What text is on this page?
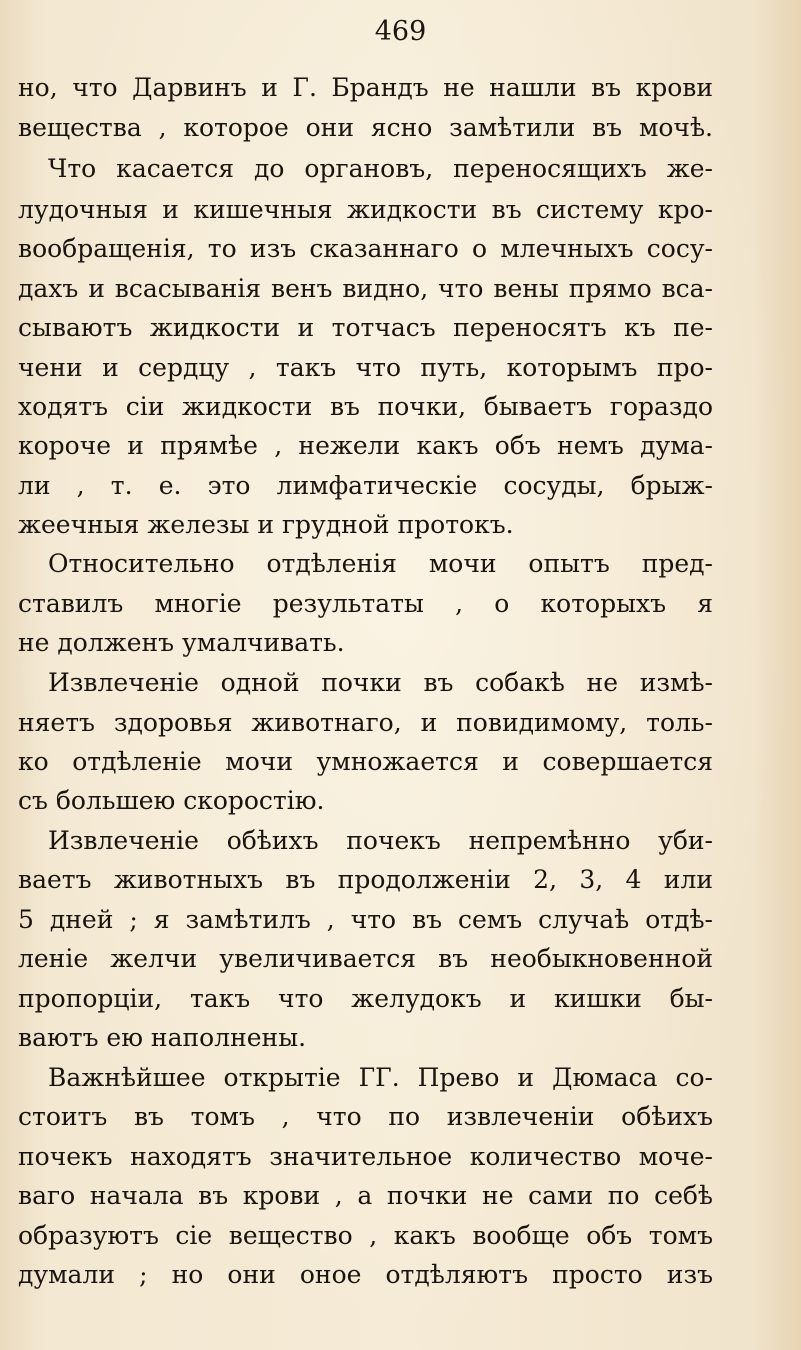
469
но, что Дарвинъ и Г. Брандъ не нашли въ крови
вещества , которое они ясно замѣтили въ мочѣ.
Что касается до органовъ, переносящихъ же-
лудочныя и кишечныя жидкости въ систему кро-
вообращенія, то изъ сказаннаго о млечныхъ сосу-
дахъ и всасыванія венъ видно, что вены прямо вса-
сываютъ жидкости и тотчасъ переносятъ къ пе-
чени и сердцу , такъ что путь, которымъ про-
ходятъ сіи жидкости въ почки, бываетъ гораздо
короче и прямѣе , нежели какъ объ немъ дума-
ли , т. е. это лимфатическіе сосуды, брыж-
жеечныя железы и грудной протокъ.
Относительно отдѣленія мочи опытъ пред-
ставилъ многіе результаты , о которыхъ я
не долженъ умалчивать.
Извлеченіе одной почки въ собакѣ не измѣ-
няетъ здоровья животнаго, и повидимому, толь-
ко отдѣленіе мочи умножается и совершается
съ большею скоростію.
Извлеченіе обѣихъ почекъ непремѣнно уби-
ваетъ животныхъ въ продолженіи 2, 3, 4 или
5 дней ; я замѣтилъ , что въ семъ случаѣ отдѣ-
леніе желчи увеличивается въ необыкновенной
пропорціи, такъ что желудокъ и кишки бы-
ваютъ ею наполнены.
Важнѣйшее открытіе ГГ. Прево и Дюмаса со-
стоитъ въ томъ , что по извлеченіи обѣихъ
почекъ находятъ значительное количество моче-
ваго начала въ крови , а почки не сами по себѣ
образуютъ сіе вещество , какъ вообще объ томъ
думали ; но они оное отдѣляютъ просто изъ
